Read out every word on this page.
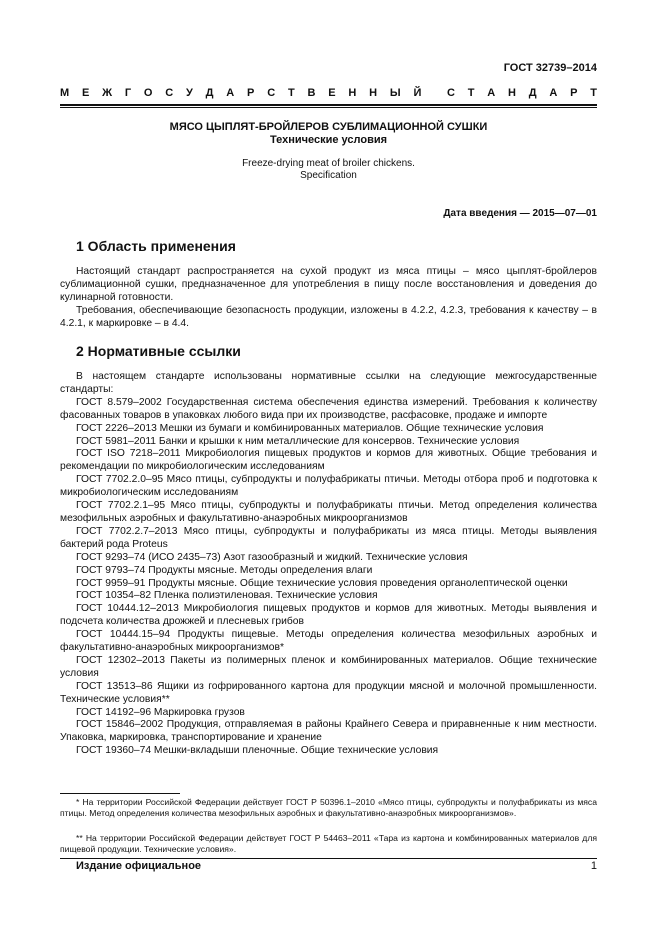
ГОСТ 32739–2014
М Е Ж Г О С У Д А Р С Т В Е Н Н Ы Й С Т А Н Д А Р Т
МЯСО ЦЫПЛЯТ-БРОЙЛЕРОВ СУБЛИМАЦИОННОЙ СУШКИ
Технические условия
Freeze-drying meat of broiler chickens.
Specification
Дата введения — 2015—07—01
1 Область применения

Настоящий стандарт распространяется на сухой продукт из мяса птицы – мясо цыплят-бройлеров сублимационной сушки, предназначенное для употребления в пищу после восстановления и доведения до кулинарной готовности.

Требования, обеспечивающие безопасность продукции, изложены в 4.2.2, 4.2.3, требования к качеству – в 4.2.1, к маркировке – в 4.4.

2 Нормативные ссылки

В настоящем стандарте использованы нормативные ссылки на следующие межгосударственные стандарты:

ГОСТ 8.579–2002 Государственная система обеспечения единства измерений. Требования к количеству фасованных товаров в упаковках любого вида при их производстве, расфасовке, продаже и импорте

ГОСТ 2226–2013 Мешки из бумаги и комбинированных материалов. Общие технические условия

ГОСТ 5981–2011 Банки и крышки к ним металлические для консервов. Технические условия

ГОСТ ISO 7218–2011 Микробиология пищевых продуктов и кормов для животных. Общие требования и рекомендации по микробиологическим исследованиям

ГОСТ 7702.2.0–95 Мясо птицы, субпродукты и полуфабрикаты птичьи. Методы отбора проб и подготовка к микробиологическим исследованиям

ГОСТ 7702.2.1–95 Мясо птицы, субпродукты и полуфабрикаты птичьи. Метод определения количества мезофильных аэробных и факультативно-анаэробных микроорганизмов

ГОСТ 7702.2.7–2013 Мясо птицы, субпродукты и полуфабрикаты из мяса птицы. Методы выявления бактерий рода Proteus

ГОСТ 9293–74 (ИСО 2435–73) Азот газообразный и жидкий. Технические условия

ГОСТ 9793–74 Продукты мясные. Методы определения влаги

ГОСТ 9959–91 Продукты мясные. Общие технические условия проведения органолептической оценки

ГОСТ 10354–82 Пленка полиэтиленовая. Технические условия

ГОСТ 10444.12–2013 Микробиология пищевых продуктов и кормов для животных. Методы выявления и подсчета количества дрожжей и плесневых грибов

ГОСТ 10444.15–94 Продукты пищевые. Методы определения количества мезофильных аэробных и факультативно-анаэробных микроорганизмов*

ГОСТ 12302–2013 Пакеты из полимерных пленок и комбинированных материалов. Общие технические условия

ГОСТ 13513–86 Ящики из гофрированного картона для продукции мясной и молочной промышленности. Технические условия**

ГОСТ 14192–96 Маркировка грузов

ГОСТ 15846–2002 Продукция, отправляемая в районы Крайнего Севера и приравненные к ним местности. Упаковка, маркировка, транспортирование и хранение

ГОСТ 19360–74 Мешки-вкладыши пленочные. Общие технические условия

* На территории Российской Федерации действует ГОСТ Р 50396.1–2010 «Мясо птицы, субпродукты и полуфабрикаты из мяса птицы. Метод определения количества мезофильных аэробных и факультативно-анаэробных микроорганизмов».

** На территории Российской Федерации действует ГОСТ Р 54463–2011 «Тара из картона и комбинированных материалов для пищевой продукции. Технические условия».

Издание официальное	1
